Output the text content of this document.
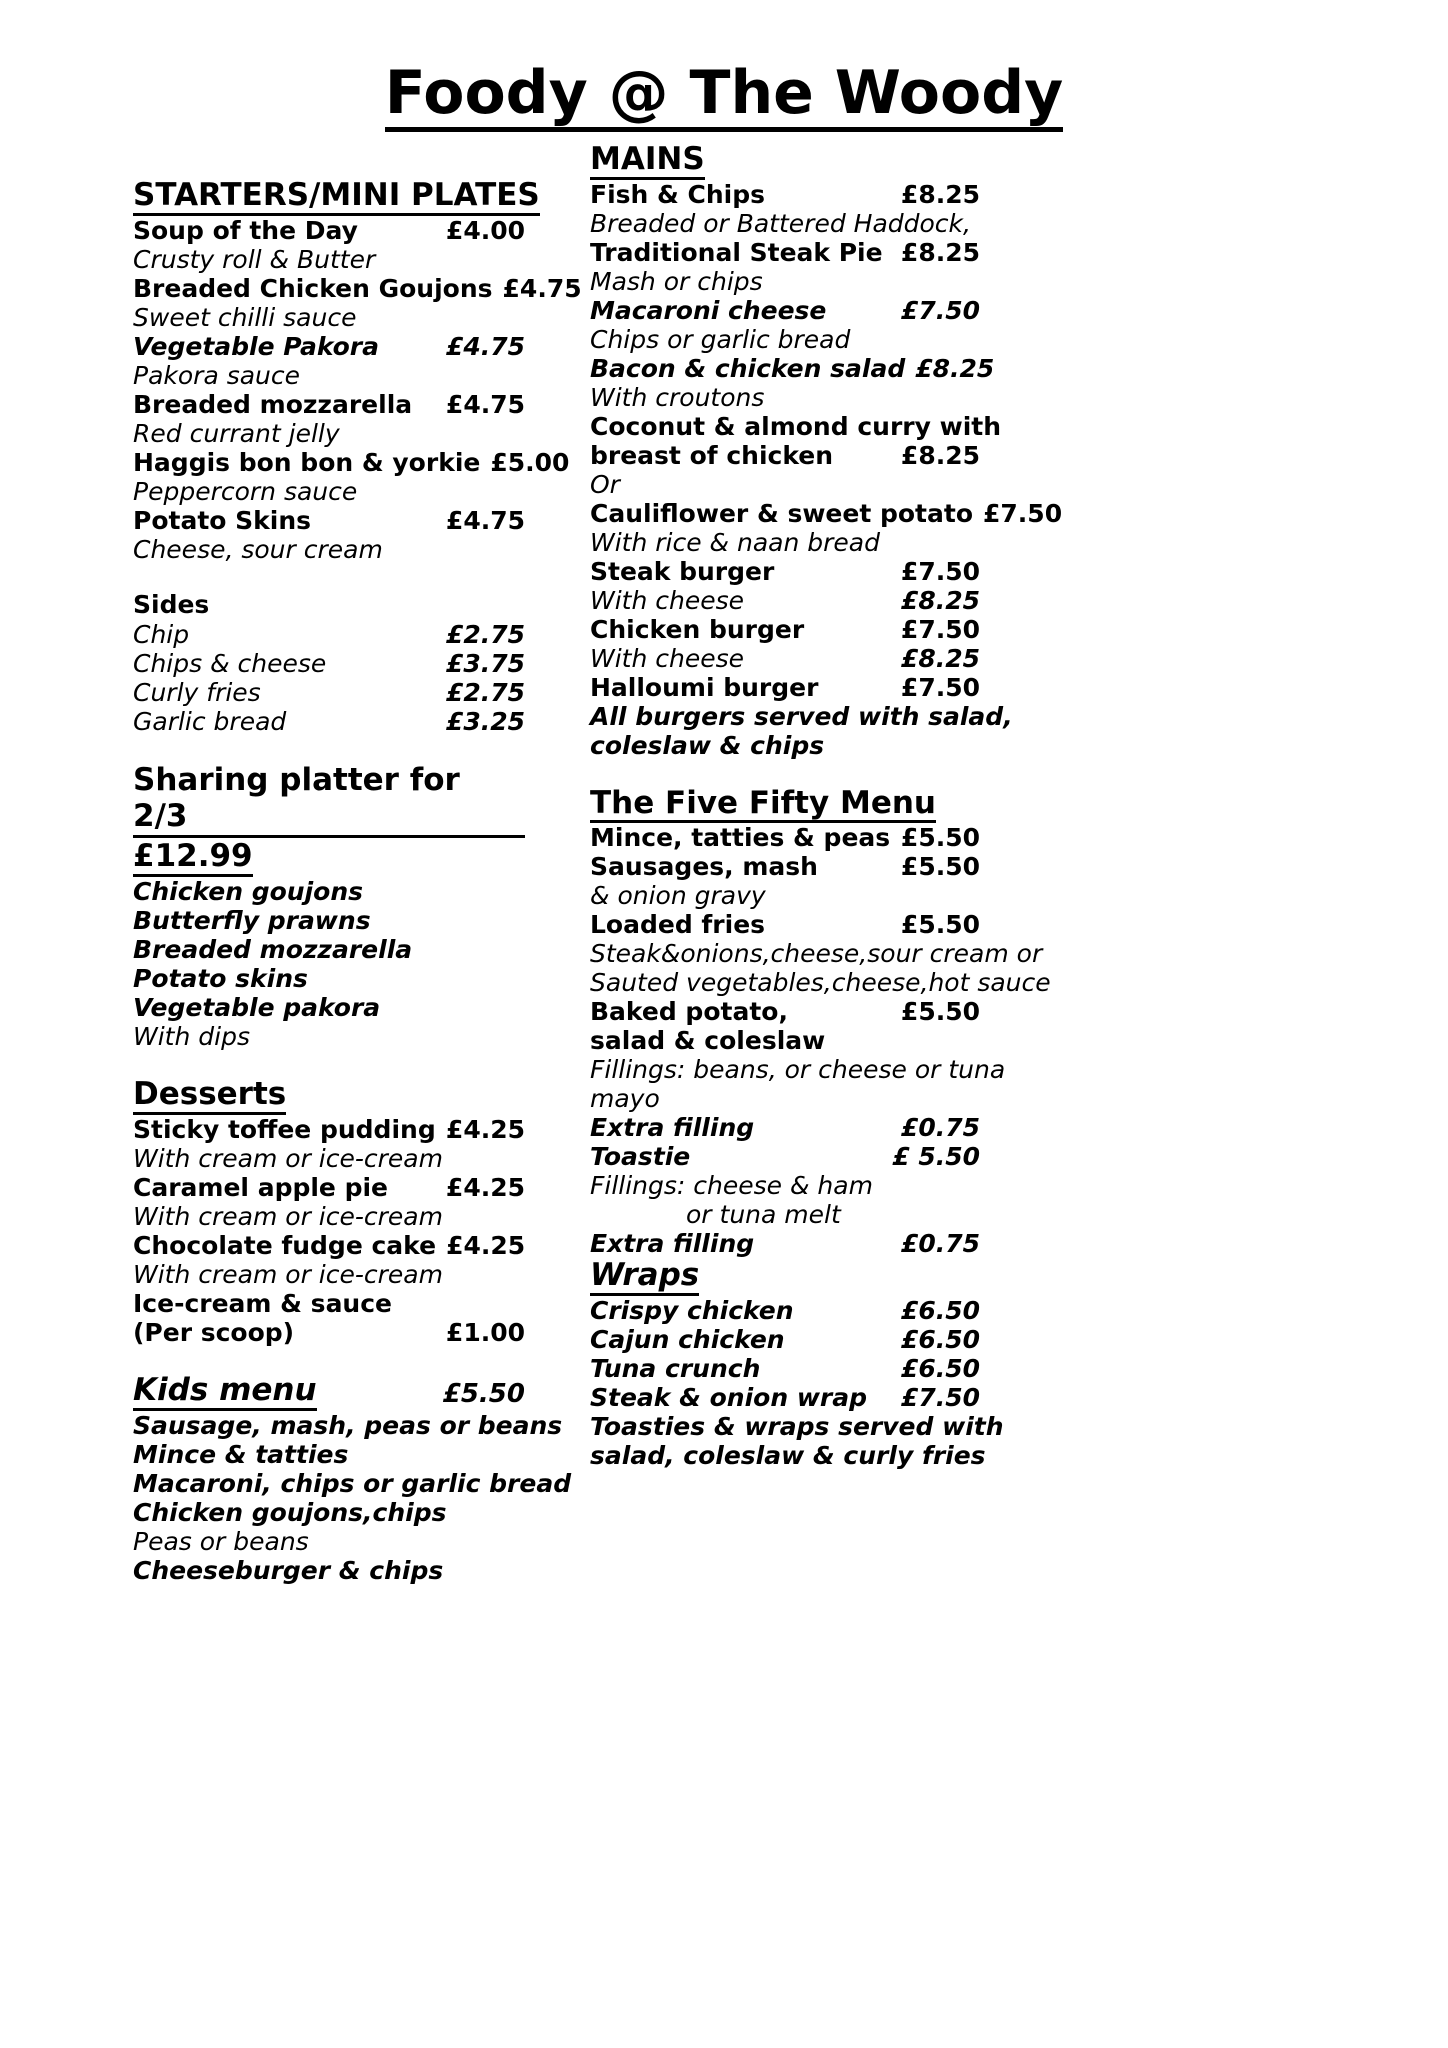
Foody @ The Woody
STARTERS/MINI PLATES
Soup of the Day	£4.00
Crusty roll & Butter
Breaded Chicken Goujons £4.75
Sweet chilli sauce
Vegetable Pakora	£4.75
Pakora sauce
Breaded mozzarella	£4.75
Red currant jelly
Haggis bon bon & yorkie £5.00
Peppercorn sauce
Potato Skins	£4.75
Cheese, sour cream
Sides
Chip	£2.75
Chips & cheese	£3.75
Curly fries	£2.75
Garlic bread	£3.25
Sharing platter for 2/3
£12.99
Chicken goujons
Butterfly prawns
Breaded mozzarella
Potato skins
Vegetable pakora
With dips
Desserts
Sticky toffee pudding £4.25
With cream or ice-cream
Caramel apple pie	£4.25
With cream or ice-cream
Chocolate fudge cake £4.25
With cream or ice-cream
Ice-cream & sauce
(Per scoop)	£1.00
Kids menu	£5.50
Sausage, mash, peas or beans
Mince & tatties
Macaroni, chips or garlic bread
Chicken goujons,chips
Peas or beans
Cheeseburger & chips
MAINS
Fish & Chips	£8.25
Breaded or Battered Haddock,
Traditional Steak Pie £8.25
Mash or chips
Macaroni cheese	£7.50
Chips or garlic bread
Bacon & chicken salad £8.25
With croutons
Coconut & almond curry with
breast of chicken	£8.25
Or
Cauliflower & sweet potato £7.50
With rice & naan bread
Steak burger	£7.50
With cheese	£8.25
Chicken burger	£7.50
With cheese	£8.25
Halloumi burger	£7.50
All burgers served with salad,
coleslaw & chips
The Five Fifty Menu
Mince, tatties & peas £5.50
Sausages, mash	£5.50
& onion gravy
Loaded fries	£5.50
Steak&onions,cheese,sour cream or
Sauted vegetables,cheese,hot sauce
Baked potato,	£5.50
salad & coleslaw
Fillings: beans, or cheese or tuna
mayo
Extra filling	£0.75
Toastie	£ 5.50
Fillings: cheese & ham
or tuna melt
Extra filling	£0.75
Wraps
Crispy chicken	£6.50
Cajun chicken	£6.50
Tuna crunch	£6.50
Steak & onion wrap	£7.50
Toasties & wraps served with
salad, coleslaw & curly fries
